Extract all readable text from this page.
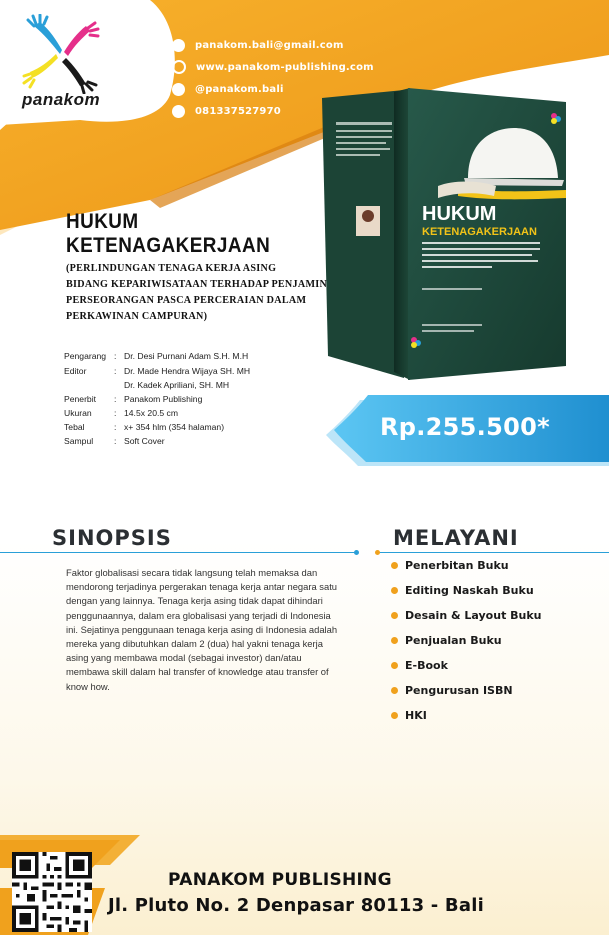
panakom
panakom.bali@gmail.com
www.panakom-publishing.com
@panakom.bali
081337527970
HUKUM
KETENAGAKERJAAN
HUKUM
KETENAGAKERJAAN
(PERLINDUNGAN TENAGA KERJA ASING
BIDANG KEPARIWISATAAN TERHADAP PENJAMIN
PERSEORANGAN PASCA PERCERAIAN DALAM
PERKAWINAN CAMPURAN)
Pengarang : Dr. Desi Purnani Adam S.H. M.H
Editor	: Dr. Made Hendra Wijaya SH. MH
Dr. Kadek Apriliani, SH. MH
Penerbit	: Panakom Publishing
Ukuran	: 14.5x 20.5 cm
Tebal	: x+ 354 hlm (354 halaman)
Sampul	: Soft Cover	Rp.255.500*
SINOPSIS	MELAYANI
Faktor globalisasi secara tidak langsung telah memaksa dan
mendorong terjadinya pergerakan tenaga kerja antar negara satu
dengan yang lainnya. Tenaga kerja asing tidak dapat dihindari
penggunaannya, dalam era globalisasi yang terjadi di Indonesia
ini. Sejatinya penggunaan tenaga kerja asing di Indonesia adalah
mereka yang dibutuhkan dalam 2 (dua) hal yakni tenaga kerja
asing yang membawa modal (sebagai investor) dan/atau
membawa skill dalam hal transfer of knowledge atau transfer of
know how.
Penerbitan Buku
Editing Naskah Buku
Desain & Layout Buku
Penjualan Buku
E-Book
Pengurusan ISBN
HKI
PANAKOM PUBLISHING
Jl. Pluto No. 2 Denpasar 80113 - Bali
